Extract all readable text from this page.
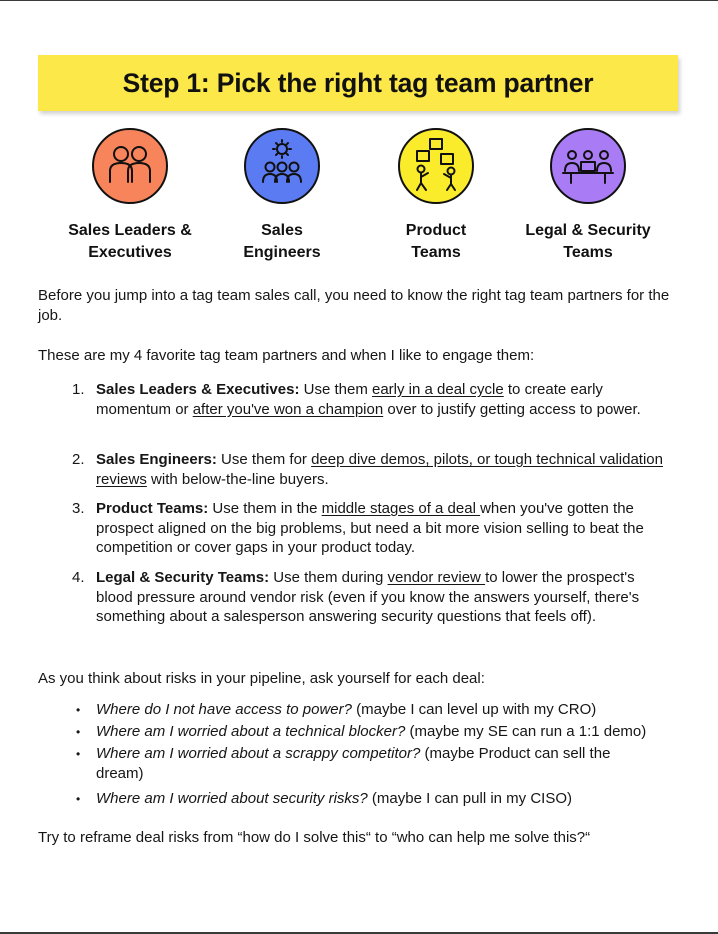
Step 1: Pick the right tag team partner
Sales Leaders &
Executives
Sales
Engineers
Product
Teams
Legal & Security
Teams
Before you jump into a tag team sales call, you need to know the right tag team partners for the job.
These are my 4 favorite tag team partners and when I like to engage them:
1. Sales Leaders & Executives: Use them early in a deal cycle to create early momentum or after you've won a champion over to justify getting access to power.
2. Sales Engineers: Use them for deep dive demos, pilots, or tough technical validation reviews with below-the-line buyers.
3. Product Teams: Use them in the middle stages of a deal when you've gotten the prospect aligned on the big problems, but need a bit more vision selling to beat the competition or cover gaps in your product today.
4. Legal & Security Teams: Use them during vendor review to lower the prospect's blood pressure around vendor risk (even if you know the answers yourself, there's something about a salesperson answering security questions that feels off).
As you think about risks in your pipeline, ask yourself for each deal:
• Where do I not have access to power? (maybe I can level up with my CRO)
• Where am I worried about a technical blocker? (maybe my SE can run a 1:1 demo)
• Where am I worried about a scrappy competitor? (maybe Product can sell the dream)
• Where am I worried about security risks? (maybe I can pull in my CISO)
Try to reframe deal risks from “how do I solve this“ to “who can help me solve this?“
